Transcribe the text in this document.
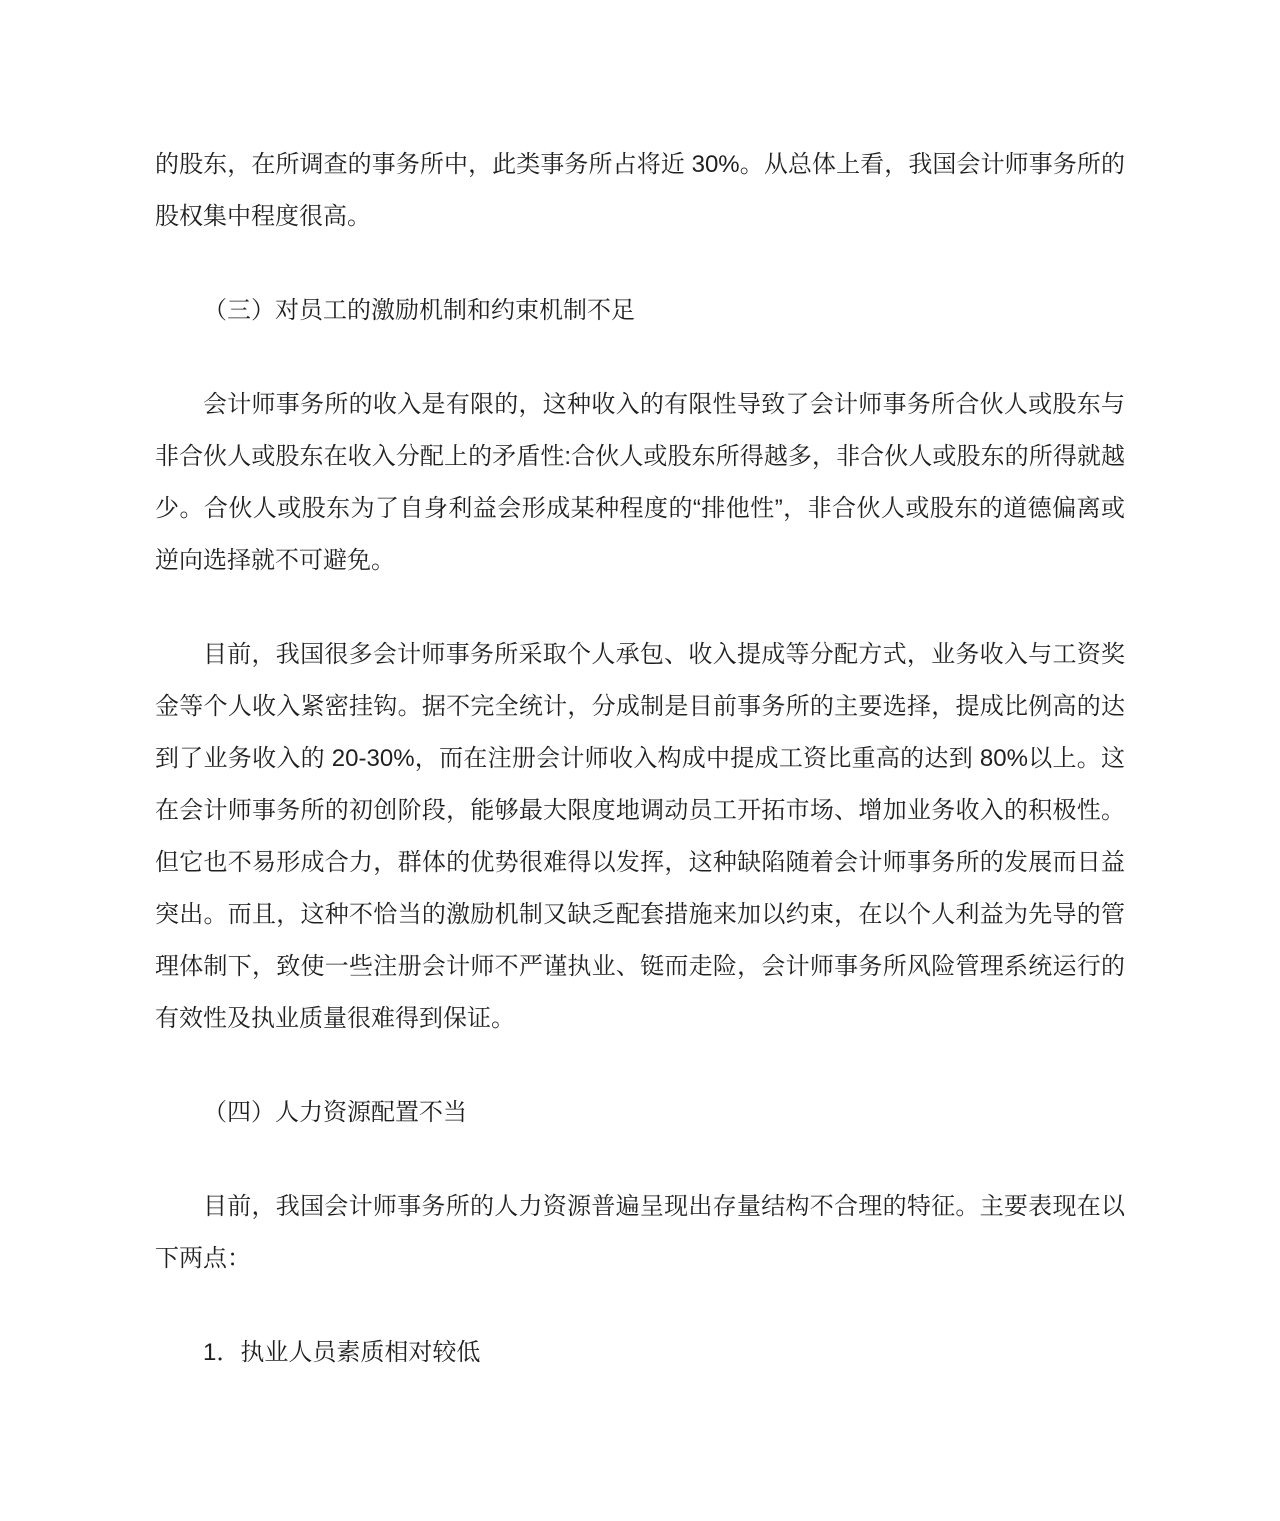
的股东，在所调查的事务所中，此类事务所占将近 30%。从总体上看，我国会计师事务所的股权集中程度很高。

（三）对员工的激励机制和约束机制不足

会计师事务所的收入是有限的，这种收入的有限性导致了会计师事务所合伙人或股东与非合伙人或股东在收入分配上的矛盾性:合伙人或股东所得越多，非合伙人或股东的所得就越少。合伙人或股东为了自身利益会形成某种程度的“排他性”，非合伙人或股东的道德偏离或逆向选择就不可避免。

目前，我国很多会计师事务所采取个人承包、收入提成等分配方式，业务收入与工资奖金等个人收入紧密挂钩。据不完全统计，分成制是目前事务所的主要选择，提成比例高的达到了业务收入的 20-30%，而在注册会计师收入构成中提成工资比重高的达到 80%以上。这在会计师事务所的初创阶段，能够最大限度地调动员工开拓市场、增加业务收入的积极性。但它也不易形成合力，群体的优势很难得以发挥，这种缺陷随着会计师事务所的发展而日益突出。而且，这种不恰当的激励机制又缺乏配套措施来加以约束，在以个人利益为先导的管理体制下，致使一些注册会计师不严谨执业、铤而走险，会计师事务所风险管理系统运行的有效性及执业质量很难得到保证。

（四）人力资源配置不当

目前，我国会计师事务所的人力资源普遍呈现出存量结构不合理的特征。主要表现在以下两点：

1．执业人员素质相对较低
